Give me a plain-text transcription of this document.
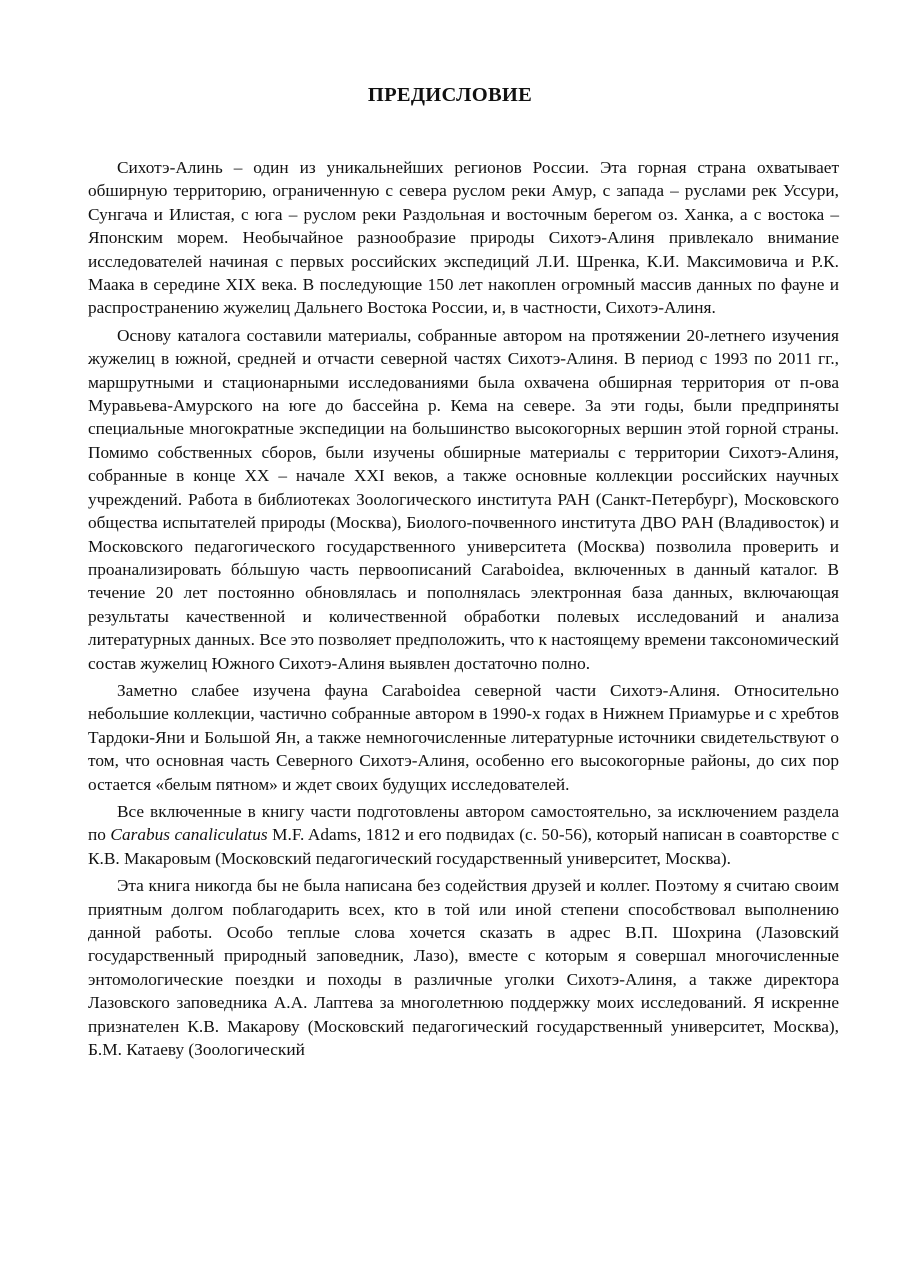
ПРЕДИСЛОВИЕ

Сихотэ-Алинь – один из уникальнейших регионов России. Эта горная страна охватывает обширную территорию, ограниченную с севера руслом реки Амур, с запада – руслами рек Уссури, Сунгача и Илистая, с юга – руслом реки Раздольная и восточным берегом оз. Ханка, а с востока – Японским морем. Необычайное разнообразие природы Сихотэ-Алиня привлекало внимание исследователей начиная с первых российских экспедиций Л.И. Шренка, К.И. Максимовича и Р.К. Маака в середине XIX века. В последующие 150 лет накоплен огромный массив данных по фауне и распространению жужелиц Дальнего Востока России, и, в частности, Сихотэ-Алиня.

Основу каталога составили материалы, собранные автором на протяжении 20-летнего изучения жужелиц в южной, средней и отчасти северной частях Сихотэ-Алиня. В период с 1993 по 2011 гг., маршрутными и стационарными исследованиями была охвачена обширная территория от п-ова Муравьева-Амурского на юге до бассейна р. Кема на севере. За эти годы, были предприняты специальные многократные экспедиции на большинство высокогорных вершин этой горной страны. Помимо собственных сборов, были изучены обширные материалы с территории Сихотэ-Алиня, собранные в конце XX – начале XXI веков, а также основные коллекции российских научных учреждений. Работа в библиотеках Зоологического института РАН (Санкт-Петербург), Московского общества испытателей природы (Москва), Биолого-почвенного института ДВО РАН (Владивосток) и Московского педагогического государственного университета (Москва) позволила проверить и проанализировать бóльшую часть первоописаний Caraboidea, включенных в данный каталог. В течение 20 лет постоянно обновлялась и пополнялась электронная база данных, включающая результаты качественной и количественной обработки полевых исследований и анализа литературных данных. Все это позволяет предположить, что к настоящему времени таксономический состав жужелиц Южного Сихотэ-Алиня выявлен достаточно полно.

Заметно слабее изучена фауна Caraboidea северной части Сихотэ-Алиня. Относительно небольшие коллекции, частично собранные автором в 1990-х годах в Нижнем Приамурье и с хребтов Тардоки-Яни и Большой Ян, а также немногочисленные литературные источники свидетельствуют о том, что основная часть Северного Сихотэ-Алиня, особенно его высокогорные районы, до сих пор остается «белым пятном» и ждет своих будущих исследователей.

Все включенные в книгу части подготовлены автором самостоятельно, за исключением раздела по Carabus canaliculatus M.F. Adams, 1812 и его подвидах (с. 50-56), который написан в соавторстве с К.В. Макаровым (Московский педагогический государственный университет, Москва).

Эта книга никогда бы не была написана без содействия друзей и коллег. Поэтому я считаю своим приятным долгом поблагодарить всех, кто в той или иной степени способствовал выполнению данной работы. Особо теплые слова хочется сказать в адрес В.П. Шохрина (Лазовский государственный природный заповедник, Лазо), вместе с которым я совершал многочисленные энтомологические поездки и походы в различные уголки Сихотэ-Алиня, а также директора Лазовского заповедника А.А. Лаптева за многолетнюю поддержку моих исследований. Я искренне признателен К.В. Макарову (Московский педагогический государственный университет, Москва), Б.М. Катаеву (Зоологический
